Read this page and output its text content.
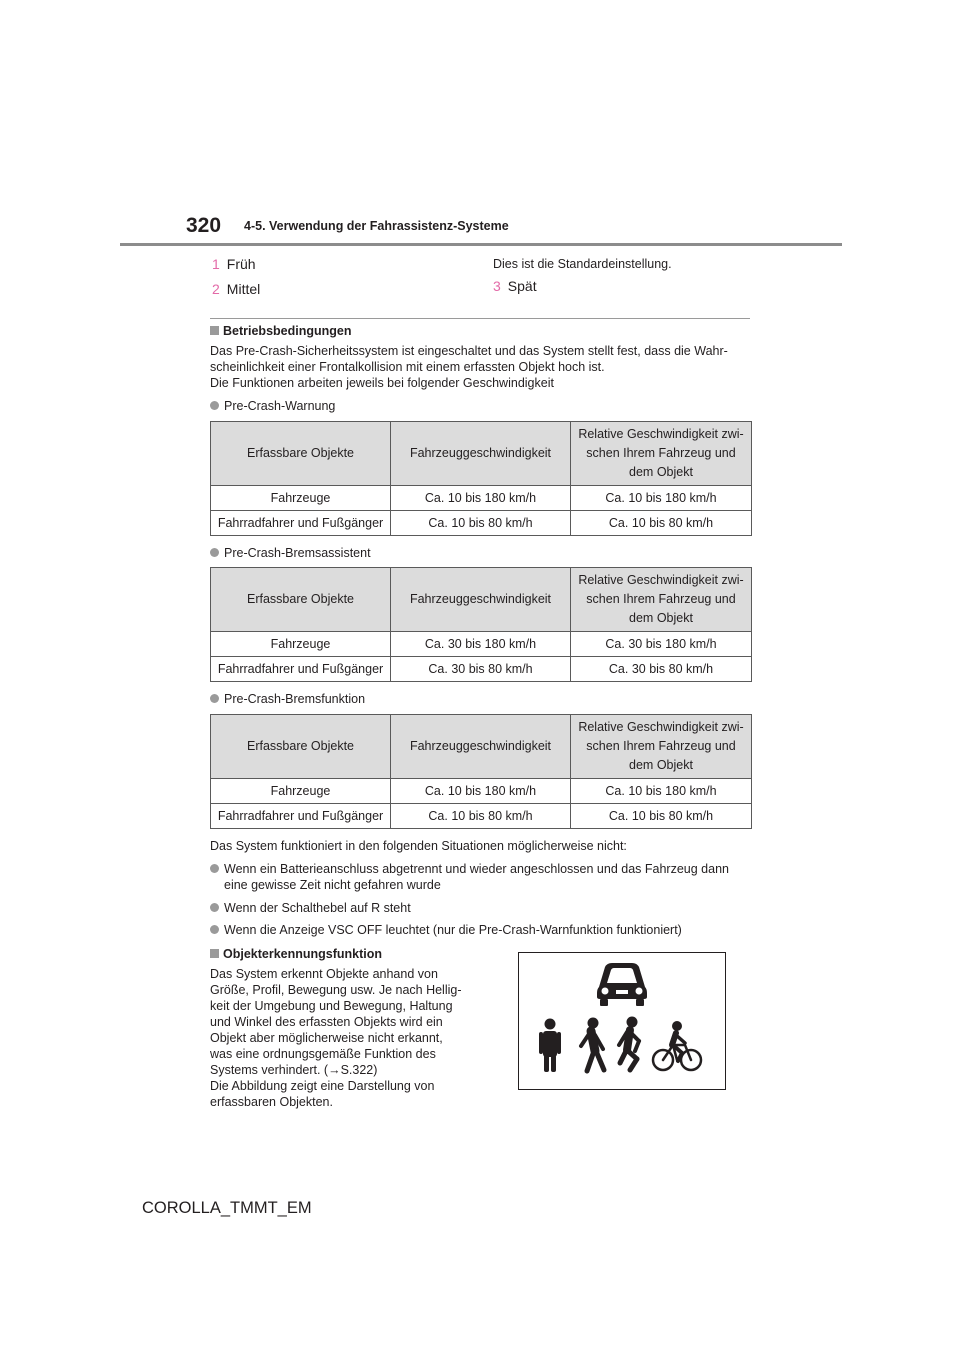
320 4-5. Verwendung der Fahrassistenz-Systeme
1 Früh
2 Mittel
Dies ist die Standardeinstellung.
3 Spät
Betriebsbedingungen
Das Pre-Crash-Sicherheitssystem ist eingeschaltet und das System stellt fest, dass die Wahr-
scheinlichkeit einer Frontalkollision mit einem erfassten Objekt hoch ist.
Die Funktionen arbeiten jeweils bei folgender Geschwindigkeit
Pre-Crash-Warnung
Erfassbare Objekte	Fahrzeuggeschwindigkeit	Relative Geschwindigkeit zwi-
schen Ihrem Fahrzeug und
dem Objekt

Fahrzeuge	Ca. 10 bis 180 km/h	Ca. 10 bis 180 km/h
Fahrradfahrer und Fußgänger	Ca. 10 bis 80 km/h	Ca. 10 bis 80 km/h
Pre-Crash-Bremsassistent
Erfassbare Objekte	Fahrzeuggeschwindigkeit	Relative Geschwindigkeit zwi-
schen Ihrem Fahrzeug und
dem Objekt

Fahrzeuge	Ca. 30 bis 180 km/h	Ca. 30 bis 180 km/h
Fahrradfahrer und Fußgänger	Ca. 30 bis 80 km/h	Ca. 30 bis 80 km/h
Pre-Crash-Bremsfunktion
Erfassbare Objekte	Fahrzeuggeschwindigkeit	Relative Geschwindigkeit zwi-
schen Ihrem Fahrzeug und
dem Objekt

Fahrzeuge	Ca. 10 bis 180 km/h	Ca. 10 bis 180 km/h
Fahrradfahrer und Fußgänger	Ca. 10 bis 80 km/h	Ca. 10 bis 80 km/h
Das System funktioniert in den folgenden Situationen möglicherweise nicht:
Wenn ein Batterieanschluss abgetrennt und wieder angeschlossen und das Fahrzeug dann
eine gewisse Zeit nicht gefahren wurde
Wenn der Schalthebel auf R steht
Wenn die Anzeige VSC OFF leuchtet (nur die Pre-Crash-Warnfunktion funktioniert)
Objekterkennungsfunktion
Das System erkennt Objekte anhand von
Größe, Profil, Bewegung usw. Je nach Hellig-
keit der Umgebung und Bewegung, Haltung
und Winkel des erfassten Objekts wird ein
Objekt aber möglicherweise nicht erkannt,
was eine ordnungsgemäße Funktion des
Systems verhindert. (→S.322)
Die Abbildung zeigt eine Darstellung von
erfassbaren Objekten.
COROLLA_TMMT_EM
